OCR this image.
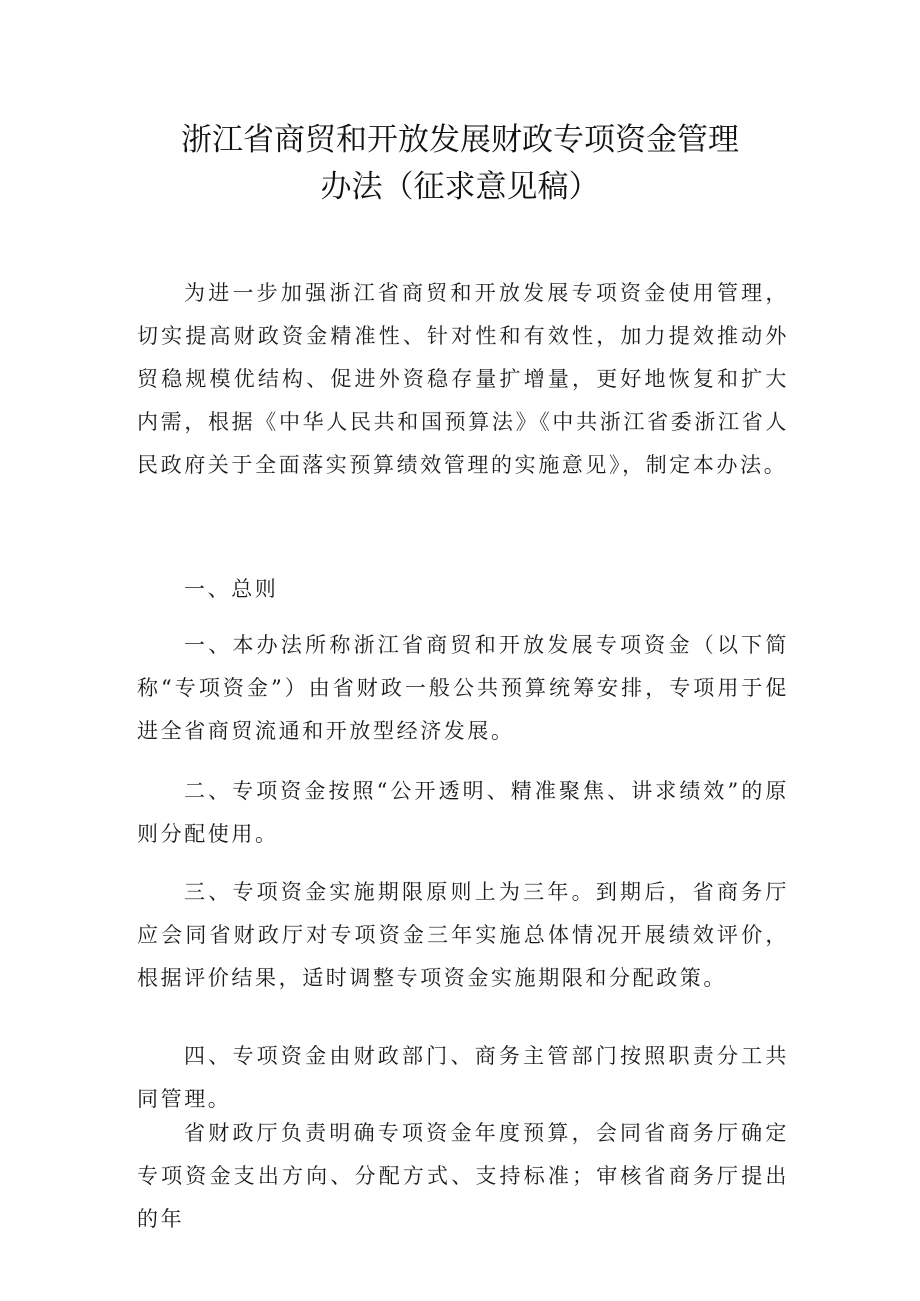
浙江省商贸和开放发展财政专项资金管理
办法（征求意见稿）

为进一步加强浙江省商贸和开放发展专项资金使用管理，切实提高财政资金精准性、针对性和有效性，加力提效推动外贸稳规模优结构、促进外资稳存量扩增量，更好地恢复和扩大内需，根据《中华人民共和国预算法》《中共浙江省委浙江省人民政府关于全面落实预算绩效管理的实施意见》，制定本办法。

一、总则

一、本办法所称浙江省商贸和开放发展专项资金（以下简称“专项资金”）由省财政一般公共预算统筹安排，专项用于促进全省商贸流通和开放型经济发展。

二、专项资金按照“公开透明、精准聚焦、讲求绩效”的原则分配使用。

三、专项资金实施期限原则上为三年。到期后，省商务厅应会同省财政厅对专项资金三年实施总体情况开展绩效评价，根据评价结果，适时调整专项资金实施期限和分配政策。

四、专项资金由财政部门、商务主管部门按照职责分工共同管理。

省财政厅负责明确专项资金年度预算，会同省商务厅确定专项资金支出方向、分配方式、支持标准；审核省商务厅提出的年
